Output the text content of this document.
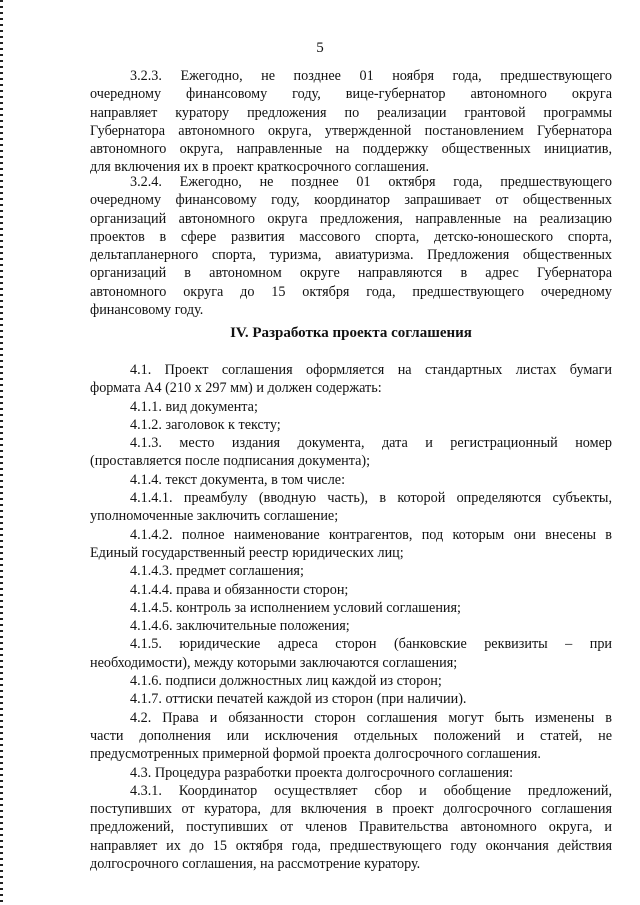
5

3.2.3. Ежегодно, не позднее 01 ноября года, предшествующего

очередному финансовому году, вице-губернатор автономного округа

направляет куратору предложения по реализации грантовой программы

Губернатора автономного округа, утвержденной постановлением Губернатора

автономного округа, направленные на поддержку общественных инициатив,

для включения их в проект краткосрочного соглашения.

3.2.4. Ежегодно, не позднее 01 октября года, предшествующего

очередному финансовому году, координатор запрашивает от общественных

организаций автономного округа предложения, направленные на реализацию

проектов в сфере развития массового спорта, детско-юношеского спорта,

дельтапланерного спорта, туризма, авиатуризма. Предложения общественных

организаций в автономном округе направляются в адрес Губернатора

автономного округа до 15 октября года, предшествующего очередному

финансовому году.

IV. Разработка проекта соглашения

4.1. Проект соглашения оформляется на стандартных листах бумаги

формата А4 (210 х 297 мм) и должен содержать:

4.1.1. вид документа;

4.1.2. заголовок к тексту;

4.1.3. место издания документа, дата и регистрационный номер

(проставляется после подписания документа);

4.1.4. текст документа, в том числе:

4.1.4.1. преамбулу (вводную часть), в которой определяются субъекты,

уполномоченные заключить соглашение;

4.1.4.2. полное наименование контрагентов, под которым они внесены в

Единый государственный реестр юридических лиц;

4.1.4.3. предмет соглашения;

4.1.4.4. права и обязанности сторон;

4.1.4.5. контроль за исполнением условий соглашения;

4.1.4.6. заключительные положения;

4.1.5. юридические адреса сторон (банковские реквизиты – при

необходимости), между которыми заключаются соглашения;

4.1.6. подписи должностных лиц каждой из сторон;

4.1.7. оттиски печатей каждой из сторон (при наличии).

4.2. Права и обязанности сторон соглашения могут быть изменены в

части дополнения или исключения отдельных положений и статей, не

предусмотренных примерной формой проекта долгосрочного соглашения.

4.3. Процедура разработки проекта долгосрочного соглашения:

4.3.1. Координатор осуществляет сбор и обобщение предложений,

поступивших от куратора, для включения в проект долгосрочного соглашения

предложений, поступивших от членов Правительства автономного округа, и

направляет их до 15 октября года, предшествующего году окончания действия

долгосрочного соглашения, на рассмотрение куратору.
